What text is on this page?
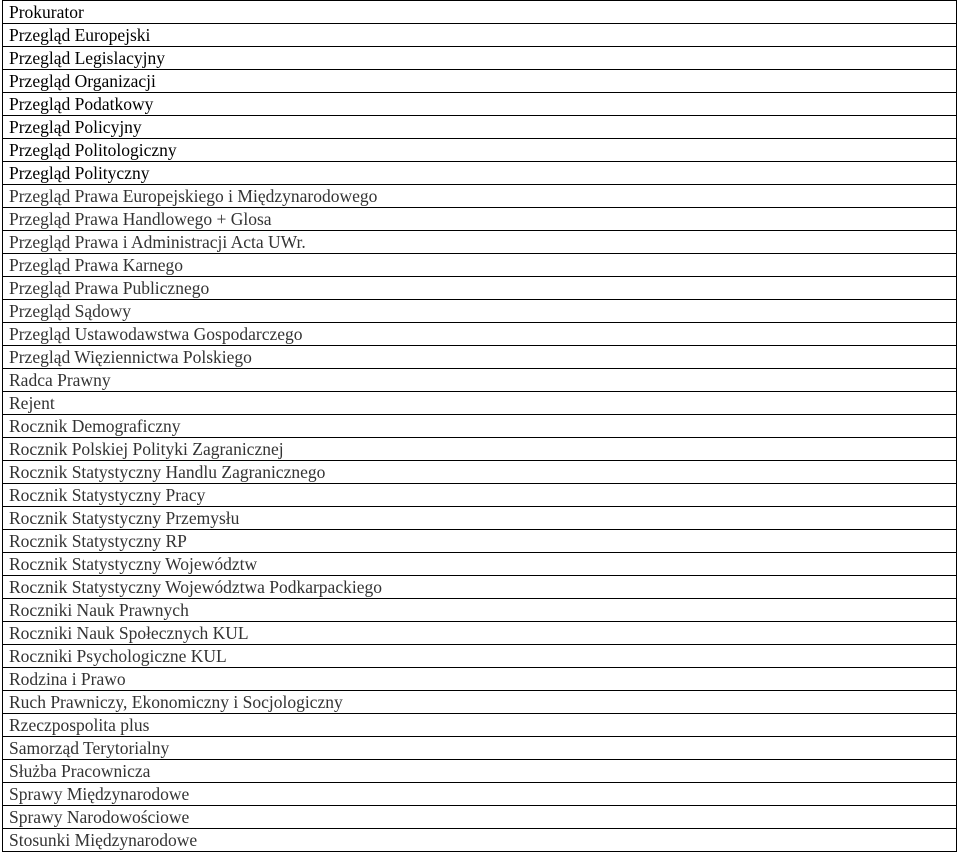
Prokurator
Przegląd Europejski
Przegląd Legislacyjny
Przegląd Organizacji
Przegląd Podatkowy
Przegląd Policyjny
Przegląd Politologiczny
Przegląd Polityczny
Przegląd Prawa Europejskiego i Międzynarodowego
Przegląd Prawa Handlowego + Glosa
Przegląd Prawa i Administracji Acta UWr.
Przegląd Prawa Karnego
Przegląd Prawa Publicznego
Przegląd Sądowy
Przegląd Ustawodawstwa Gospodarczego
Przegląd Więziennictwa Polskiego
Radca Prawny
Rejent
Rocznik Demograficzny
Rocznik Polskiej Polityki Zagranicznej
Rocznik Statystyczny Handlu Zagranicznego
Rocznik Statystyczny Pracy
Rocznik Statystyczny Przemysłu
Rocznik Statystyczny RP
Rocznik Statystyczny Województw
Rocznik Statystyczny Województwa Podkarpackiego
Roczniki Nauk Prawnych
Roczniki Nauk Społecznych KUL
Roczniki Psychologiczne KUL
Rodzina i Prawo
Ruch Prawniczy, Ekonomiczny i Socjologiczny
Rzeczpospolita plus
Samorząd Terytorialny
Służba Pracownicza
Sprawy Międzynarodowe
Sprawy Narodowościowe
Stosunki Międzynarodowe
